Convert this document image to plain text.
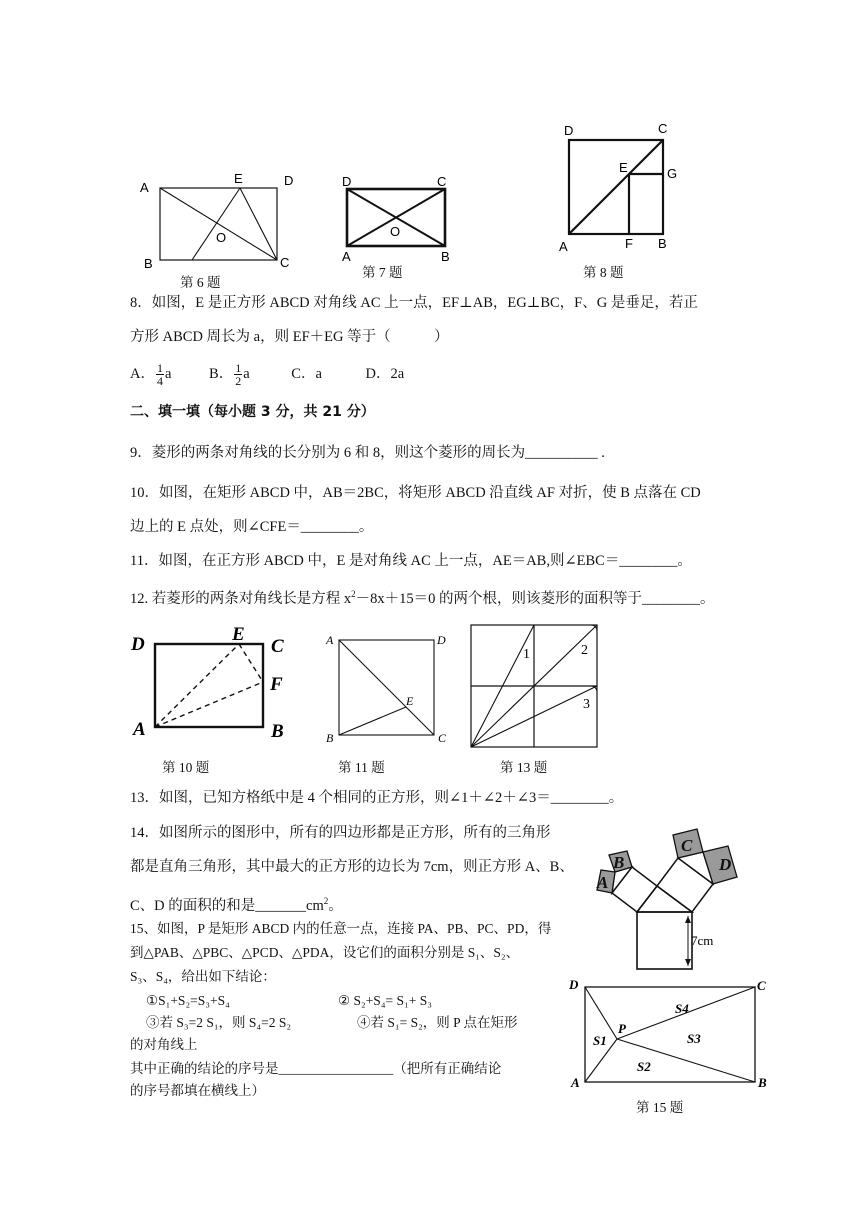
A
B	C
D
E
O
第 6 题
D	C
A	B
O
第 7 题
D	C
E	G
A	F B
第 8 题
8．如图，E 是正方形 ABCD 对角线 AC 上一点，EF⊥AB，EG⊥BC，F、G 是垂足，若正
方形 ABCD 周长为 a，则 EF＋EG 等于（　　　）
A． $\frac{1}{4}$ a	B． $\frac{1}{2}$ a	C．a	D．2a
二、填一填（每小题 3 分，共 21 分）
9．菱形的两条对角线的长分别为 6 和 8，则这个菱形的周长为__________ .
10．如图，在矩形 ABCD 中，AB＝2BC，将矩形 ABCD 沿直线 AF 对折，使 B 点落在 CD
边上的 E 点处，则∠CFE＝________。
11．如图，在正方形 ABCD 中，E 是对角线 AC 上一点，AE＝AB,则∠EBC＝________。
12. 若菱形的两条对角线长是方程 $x^2-8x+15=0$ 的两个根，则该菱形的面积等于________。
D	E
C
F
A	B
第 10 题
A	D
E
B	C
第 11 题
1	2
3
第 13 题
13．如图，已知方格纸中是 4 个相同的正方形，则∠1＋∠2＋∠3＝________。
14．如图所示的图形中，所有的四边形都是正方形，所有的三角形
都是直角三角形，其中最大的正方形的边长为 7cm，则正方形 A、B、
C、D 的面积的和是$\_\_\_\_\_\_\_cm^2$。
A
B
C
D
7cm
15、如图，P 是矩形 ABCD 内的任意一点，连接 PA、PB、PC、PD，得
到△PAB、△PBC、△PCD、△PDA，设它们的面积分别是 S₁、S₂、
S₃、S₄，给出如下结论：
①S₁+S₂=S₃+S₄	② S₂+S₄= S₁+ S₃
③若 S₃=2 S₁，则 S₄=2 S₂	④若 S₁= S₂，则 P 点在矩形
的对角线上
其中正确的结论的序号是_________________（把所有正确结论
的序号都填在横线上）
D	C
A	B
P
S4
S1	S3
S2
第 15 题
